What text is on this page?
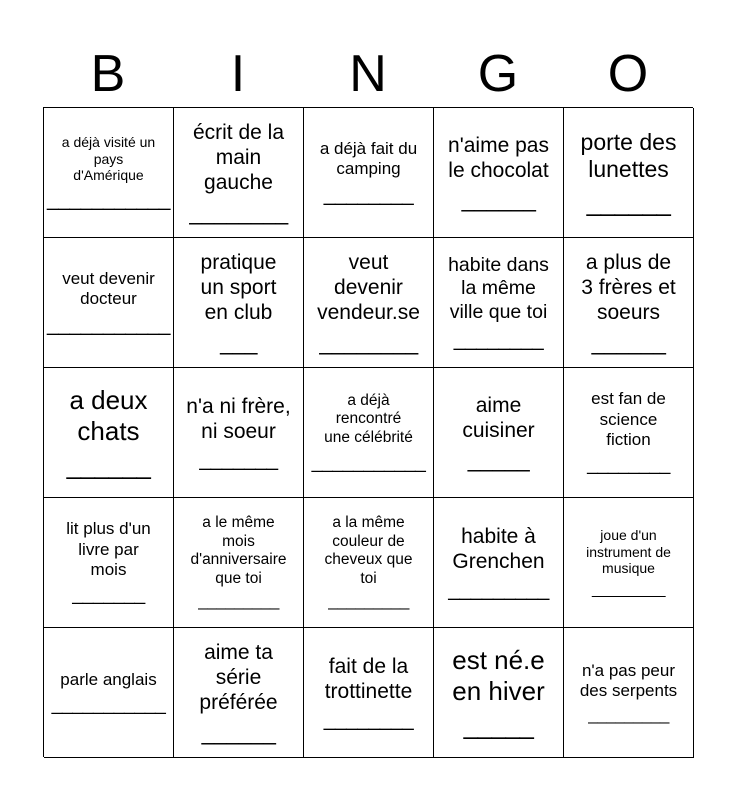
B	I	N	G	O
a déjà visité un
pays
d'Amérique
___________
écrit de la
main
gauche
________
a déjà fait du
camping
________
n'aime pas
le chocolat
______
porte des
lunettes
______
veut devenir
docteur
___________
pratique
un sport
en club
___
veut
devenir
vendeur.se
________
habite dans
la même
ville que toi
________
a plus de
3 frères et
soeurs
______
a deux
chats
______
n'a ni frère,
ni soeur
_______
a déjà
rencontré
une célébrité
___________
aime
cuisiner
_____
est fan de
science
fiction
________
lit plus d'un
livre par
mois
_______
a le même
mois
d'anniversaire
que toi
_________
a la même
couleur de
cheveux que
toi
_________
habite à
Grenchen
_________
joue d'un
instrument de
musique
_________
parle anglais
___________
aime ta
série
préférée
______
fait de la
trottinette
________
est né.e
en hiver
_____
n'a pas peur
des serpents
_________
